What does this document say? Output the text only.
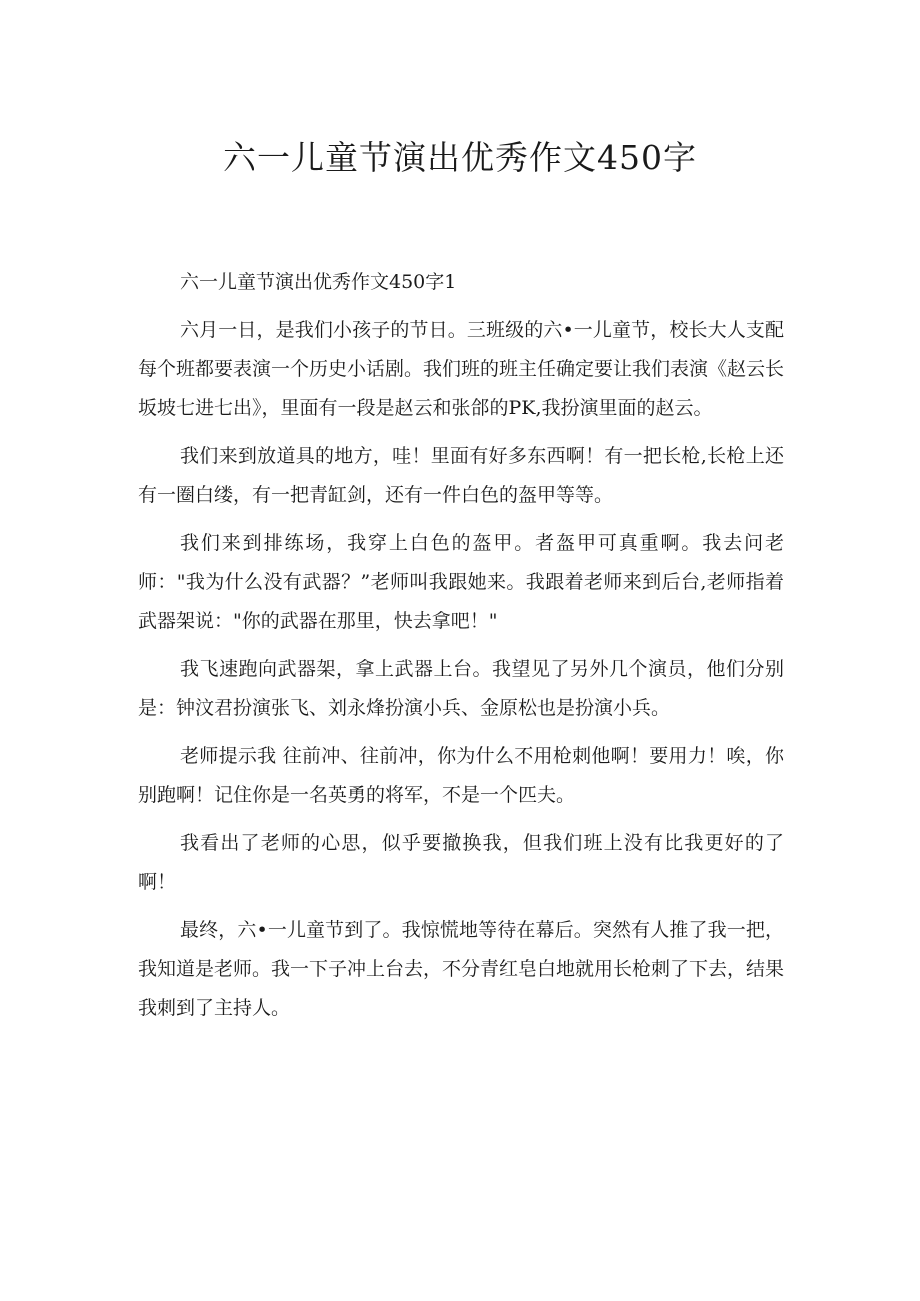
六一儿童节演出优秀作文450字

六一儿童节演出优秀作文450字1

六月一日，是我们小孩子的节日。三班级的六•一儿童节，校长大人支配每个班都要表演一个历史小话剧。我们班的班主任确定要让我们表演《赵云长坂坡七进七出》，里面有一段是赵云和张郃的PK,我扮演里面的赵云。

我们来到放道具的地方，哇！里面有好多东西啊！有一把长枪,长枪上还有一圈白缕，有一把青缸剑，还有一件白色的盔甲等等。

我们来到排练场，我穿上白色的盔甲。者盔甲可真重啊。我去问老师："我为什么没有武器？”老师叫我跟她来。我跟着老师来到后台,老师指着武器架说："你的武器在那里，快去拿吧！"

我飞速跑向武器架，拿上武器上台。我望见了另外几个演员，他们分别是：钟汶君扮演张飞、刘永烽扮演小兵、金原松也是扮演小兵。

老师提示我 往前冲、往前冲，你为什么不用枪刺他啊！要用力！唉，你别跑啊！记住你是一名英勇的将军，不是一个匹夫。

我看出了老师的心思，似乎要撤换我，但我们班上没有比我更好的了啊！

最终，六•一儿童节到了。我惊慌地等待在幕后。突然有人推了我一把，我知道是老师。我一下子冲上台去，不分青红皂白地就用长枪刺了下去，结果我刺到了主持人。
